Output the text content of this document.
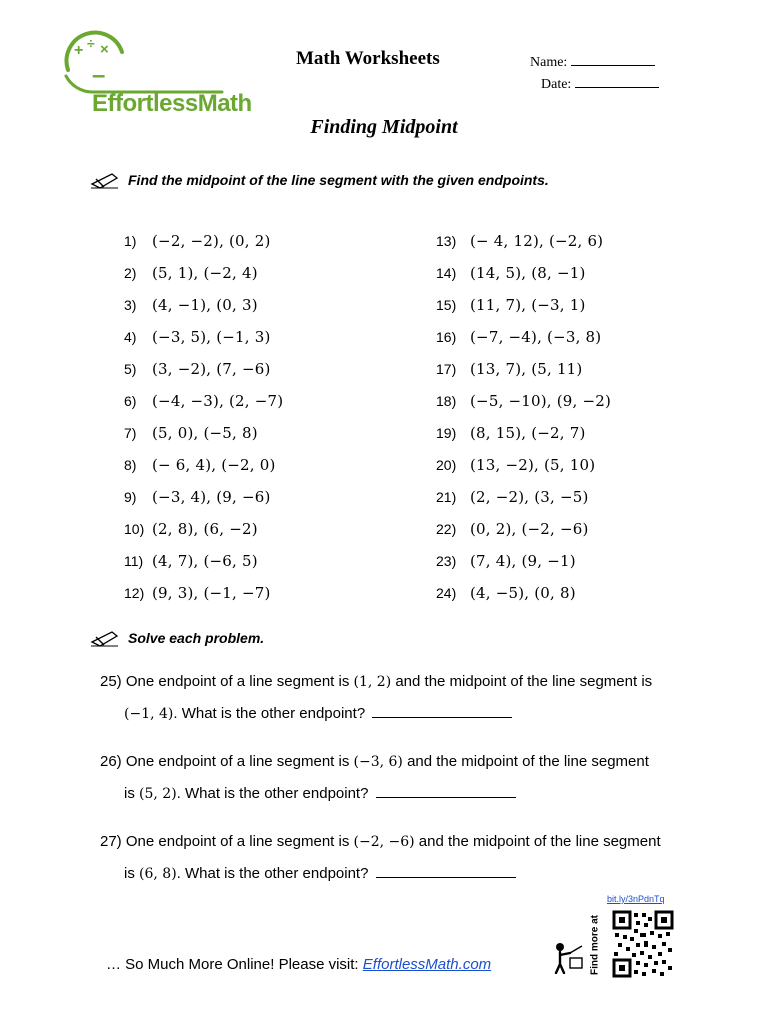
+ ÷ ×
–EffortlessMath
Math Worksheets	Name:
Date:
Finding Midpoint
Find the midpoint of the line segment with the given endpoints.
1)	(−2, −2), (0, 2)
2)	(5, 1), (−2, 4)
3)	(4, −1), (0, 3)
4)	(−3, 5), (−1, 3)
5)	(3, −2), (7, −6)
6)	(−4, −3), (2, −7)
7)	(5, 0), (−5, 8)
8)	(− 6, 4), (−2, 0)
9)	(−3, 4), (9, −6)
10) (2, 8), (6, −2)
11) (4, 7), (−6, 5)
12) (9, 3), (−1, −7)
13) (− 4, 12), (−2, 6)
14) (14, 5), (8, −1)
15) (11, 7), (−3, 1)
16) (−7, −4), (−3, 8)
17) (13, 7), (5, 11)
18) (−5, −10), (9, −2)
19) (8, 15), (−2, 7)
20) (13, −2), (5, 10)
21) (2, −2), (3, −5)
22) (0, 2), (−2, −6)
23) (7, 4), (9, −1)
24) (4, −5), (0, 8)
Solve each problem.
25) One endpoint of a line segment is (1, 2) and the midpoint of the line segment is
(−1, 4). What is the other endpoint?
26) One endpoint of a line segment is (−3, 6) and the midpoint of the line segment
is (5, 2). What is the other endpoint?
27) One endpoint of a line segment is (−2, −6) and the midpoint of the line segment
is (6, 8). What is the other endpoint?
bit.ly/3nPdnTq
… So Much More Online! Please visit: EffortlessMath.com	Find more at
